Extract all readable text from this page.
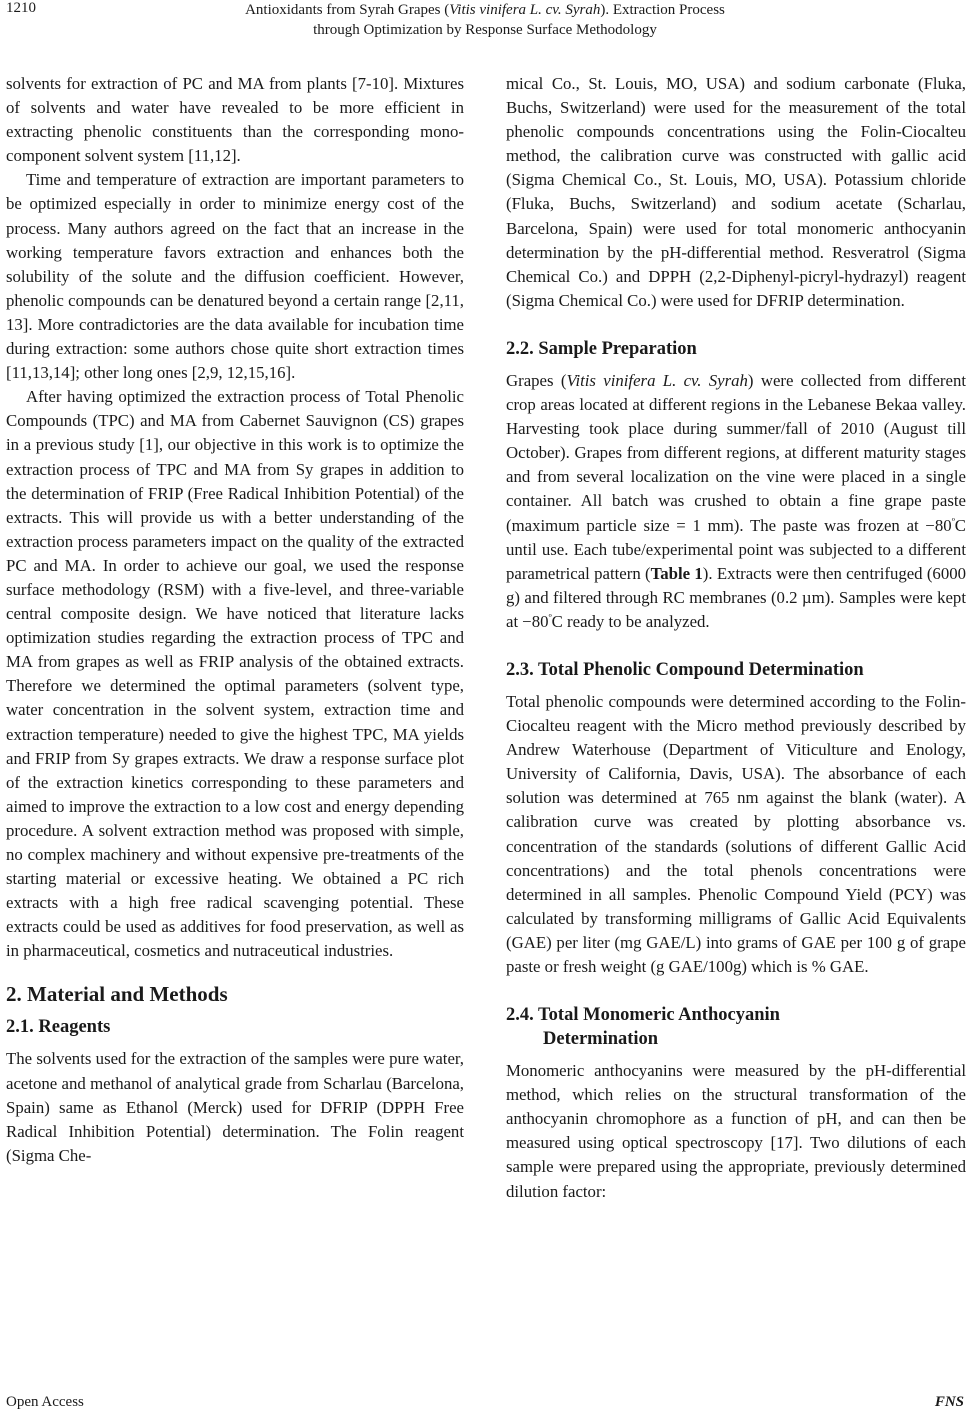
1210	Antioxidants from Syrah Grapes (Vitis vinifera L. cv. Syrah). Extraction Process
through Optimization by Response Surface Methodology

solvents for extraction of PC and MA from plants [7-10]. Mixtures of solvents and water have revealed to be more efficient in extracting phenolic constituents than the corresponding mono-component solvent system [11,12].

Time and temperature of extraction are important parameters to be optimized especially in order to minimize energy cost of the process. Many authors agreed on the fact that an increase in the working temperature favors extraction and enhances both the solubility of the solute and the diffusion coefficient. However, phenolic compounds can be denatured beyond a certain range [2,11, 13]. More contradictories are the data available for incubation time during extraction: some authors chose quite short extraction times [11,13,14]; other long ones [2,9, 12,15,16].

After having optimized the extraction process of Total Phenolic Compounds (TPC) and MA from Cabernet Sauvignon (CS) grapes in a previous study [1], our objective in this work is to optimize the extraction process of TPC and MA from Sy grapes in addition to the determination of FRIP (Free Radical Inhibition Potential) of the extracts. This will provide us with a better understanding of the extraction process parameters impact on the quality of the extracted PC and MA. In order to achieve our goal, we used the response surface methodology (RSM) with a five-level, and three-variable central composite design. We have noticed that literature lacks optimization studies regarding the extraction process of TPC and MA from grapes as well as FRIP analysis of the obtained extracts. Therefore we determined the optimal parameters (solvent type, water concentration in the solvent system, extraction time and extraction temperature) needed to give the highest TPC, MA yields and FRIP from Sy grapes extracts. We draw a response surface plot of the extraction kinetics corresponding to these parameters and aimed to improve the extraction to a low cost and energy depending procedure. A solvent extraction method was proposed with simple, no complex machinery and without expensive pre-treatments of the starting material or excessive heating. We obtained a PC rich extracts with a high free radical scavenging potential. These extracts could be used as additives for food preservation, as well as in pharmaceutical, cosmetics and nutraceutical industries.

2. Material and Methods
2.1. Reagents

The solvents used for the extraction of the samples were pure water, acetone and methanol of analytical grade from Scharlau (Barcelona, Spain) same as Ethanol (Merck) used for DFRIP (DPPH Free Radical Inhibition Potential) determination. The Folin reagent (Sigma Che-

mical Co., St. Louis, MO, USA) and sodium carbonate (Fluka, Buchs, Switzerland) were used for the measurement of the total phenolic compounds concentrations using the Folin-Ciocalteu method, the calibration curve was constructed with gallic acid (Sigma Chemical Co., St. Louis, MO, USA). Potassium chloride (Fluka, Buchs, Switzerland) and sodium acetate (Scharlau, Barcelona, Spain) were used for total monomeric anthocyanin determination by the pH-differential method. Resveratrol (Sigma Chemical Co.) and DPPH (2,2-Diphenyl-picryl-hydrazyl) reagent (Sigma Chemical Co.) were used for DFRIP determination.

2.2. Sample Preparation

Grapes (Vitis vinifera L. cv. Syrah) were collected from different crop areas located at different regions in the Lebanese Bekaa valley. Harvesting took place during summer/fall of 2010 (August till October). Grapes from different regions, at different maturity stages and from several localization on the vine were placed in a single container. All batch was crushed to obtain a fine grape paste (maximum particle size = 1 mm). The paste was frozen at $-80^ºC$ until use. Each tube/experimental point was subjected to a different parametrical pattern (Table 1). Extracts were then centrifuged (6000 g) and filtered through RC membranes (0.2 µm). Samples were kept at $-80^ºC$ ready to be analyzed.

2.3. Total Phenolic Compound Determination

Total phenolic compounds were determined according to the Folin-Ciocalteu reagent with the Micro method previously described by Andrew Waterhouse (Department of Viticulture and Enology, University of California, Davis, USA). The absorbance of each solution was determined at 765 nm against the blank (water). A calibration curve was created by plotting absorbance vs. concentration of the standards (solutions of different Gallic Acid concentrations) and the total phenols concentrations were determined in all samples. Phenolic Compound Yield (PCY) was calculated by transforming milligrams of Gallic Acid Equivalents (GAE) per liter (mg GAE/L) into grams of GAE per 100 g of grape paste or fresh weight (g GAE/100g) which is % GAE.

2.4. Total Monomeric Anthocyanin
Determination

Monomeric anthocyanins were measured by the pH-differential method, which relies on the structural transformation of the anthocyanin chromophore as a function of pH, and can then be measured using optical spectroscopy [17]. Two dilutions of each sample were prepared using the appropriate, previously determined dilution factor:

Open Access	FNS
